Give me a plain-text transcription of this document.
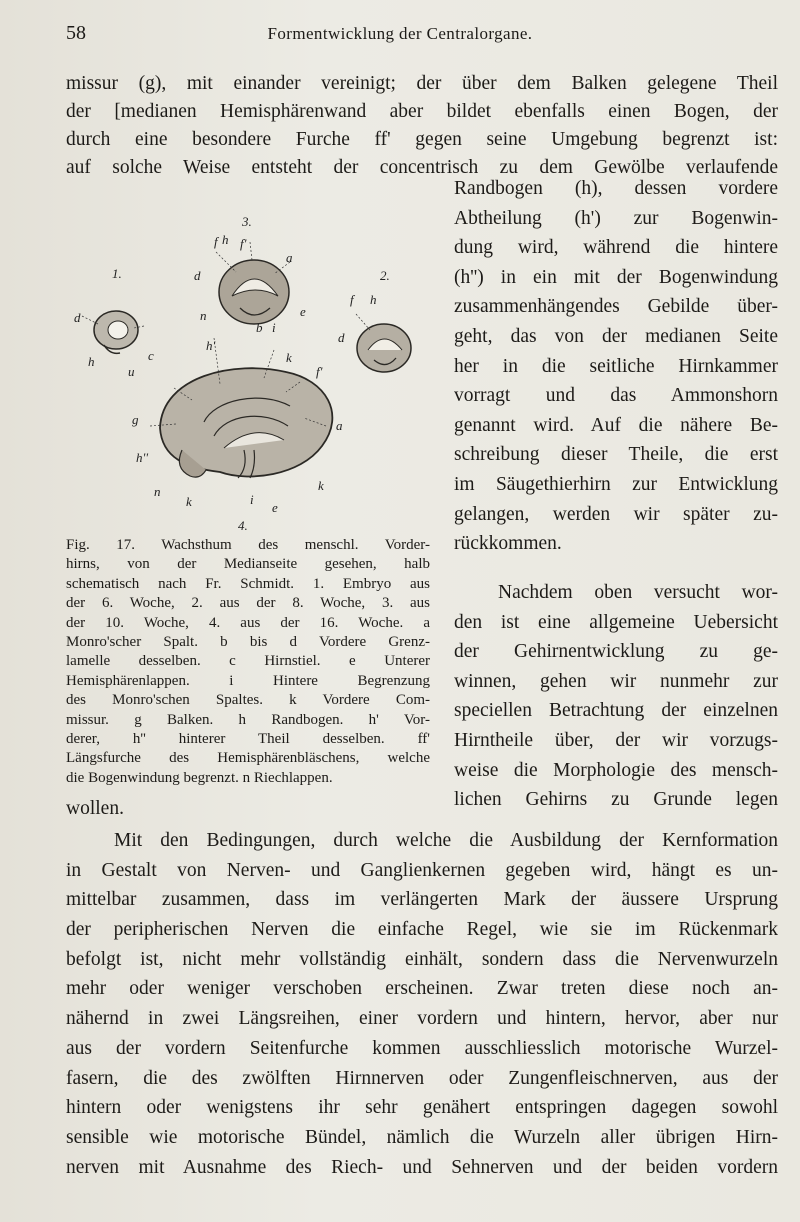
58	Formentwicklung der Centralorgane.
missur (g), mit einander vereinigt; der über dem Balken gelegene Theil
der [medianen Hemisphärenwand aber bildet ebenfalls einen Bogen, der
durch eine besondere Furche ff' gegen seine Umgebung begrenzt ist:
auf solche Weise entsteht der concentrisch zu dem Gewölbe verlaufende
Randbogen (h), dessen vordere
Abtheilung (h') zur Bogenwin-
dung wird, während die hintere
(h'') in ein mit der Bogenwindung
zusammenhängendes Gebilde über-
geht, das von der medianen Seite
her in die seitliche Hirnkammer
vorragt und das Ammonshorn
genannt wird. Auf die nähere Be-
schreibung dieser Theile, die erst
im Säugethierhirn zur Entwicklung
gelangen, werden wir später zu-
rückkommen.
3.
1.	2.
4.
a
a
b
c
d
d
d
e
e
f
f
f'
f'
g
h
h
h
h'
h''
i
i
k
k
k
n
n
u
Fig. 17. Wachsthum des menschl. Vorder-
hirns, von der Medianseite gesehen, halb
schematisch nach Fr. Schmidt. 1. Embryo aus
der 6. Woche, 2. aus der 8. Woche, 3. aus
der 10. Woche, 4. aus der 16. Woche. a
Monro'scher Spalt. b bis d Vordere Grenz-
lamelle desselben. c Hirnstiel. e Unterer
Hemisphärenlappen. i Hintere Begrenzung
des Monro'schen Spaltes. k Vordere Com-
missur. g Balken. h Randbogen. h' Vor-
derer, h'' hinterer Theil desselben. ff'
Längsfurche des Hemisphärenbläschens, welche
die Bogenwindung begrenzt. n Riechlappen.
Nachdem oben versucht wor-
den ist eine allgemeine Uebersicht
der Gehirnentwicklung zu ge-
winnen, gehen wir nunmehr zur
speciellen Betrachtung der einzelnen
Hirntheile über, der wir vorzugs-
weise die Morphologie des mensch-
lichen Gehirns zu Grunde legen
wollen.
Mit den Bedingungen, durch welche die Ausbildung der Kernformation
in Gestalt von Nerven- und Ganglienkernen gegeben wird, hängt es un-
mittelbar zusammen, dass im verlängerten Mark der äussere Ursprung
der peripherischen Nerven die einfache Regel, wie sie im Rückenmark
befolgt ist, nicht mehr vollständig einhält, sondern dass die Nervenwurzeln
mehr oder weniger verschoben erscheinen. Zwar treten diese noch an-
nähernd in zwei Längsreihen, einer vordern und hintern, hervor, aber nur
aus der vordern Seitenfurche kommen ausschliesslich motorische Wurzel-
fasern, die des zwölften Hirnnerven oder Zungenfleischnerven, aus der
hintern oder wenigstens ihr sehr genähert entspringen dagegen sowohl
sensible wie motorische Bündel, nämlich die Wurzeln aller übrigen Hirn-
nerven mit Ausnahme des Riech- und Sehnerven und der beiden vordern
